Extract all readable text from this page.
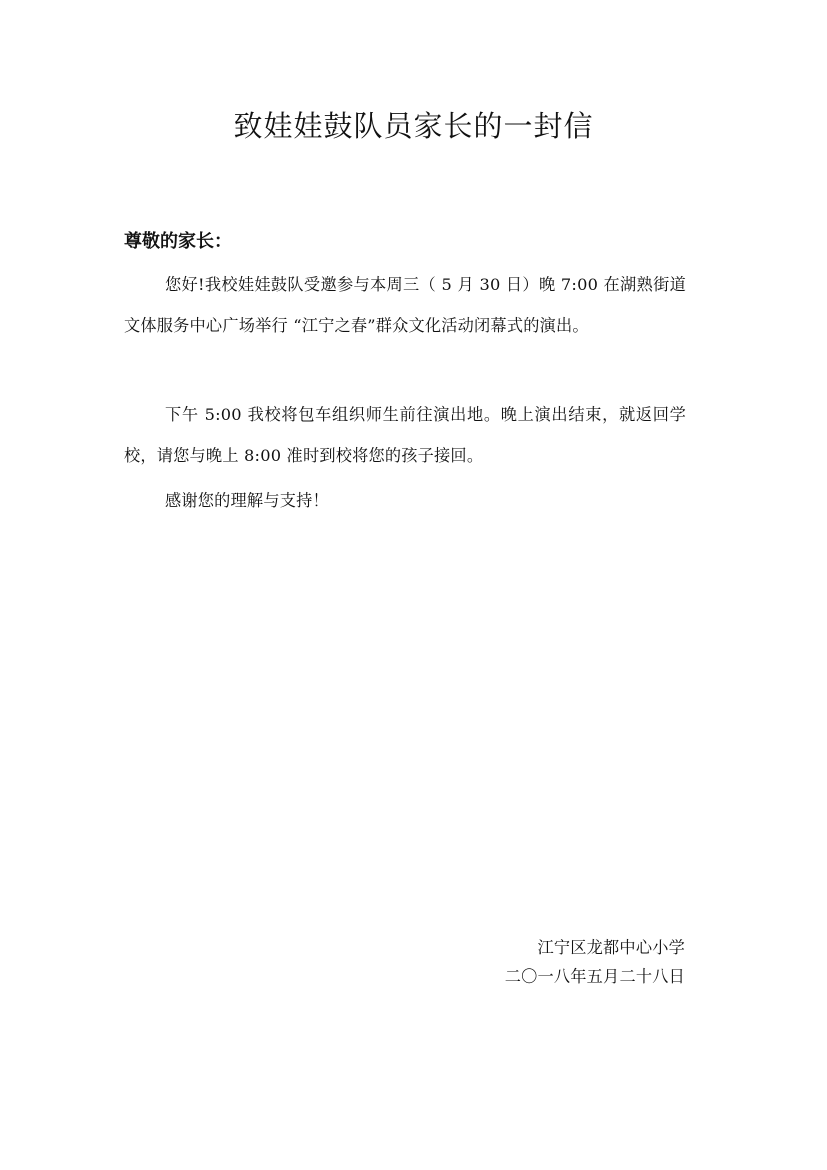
致娃娃鼓队员家长的一封信

尊敬的家长：

您好!我校娃娃鼓队受邀参与本周三（ 5 月 30 日）晚 7:00 在湖熟街道文体服务中心广场举行 “江宁之春”群众文化活动闭幕式的演出。

下午 5:00 我校将包车组织师生前往演出地。晚上演出结束，就返回学校，请您与晚上 8:00 准时到校将您的孩子接回。

感谢您的理解与支持！

江宁区龙都中心小学
二〇一八年五月二十八日
